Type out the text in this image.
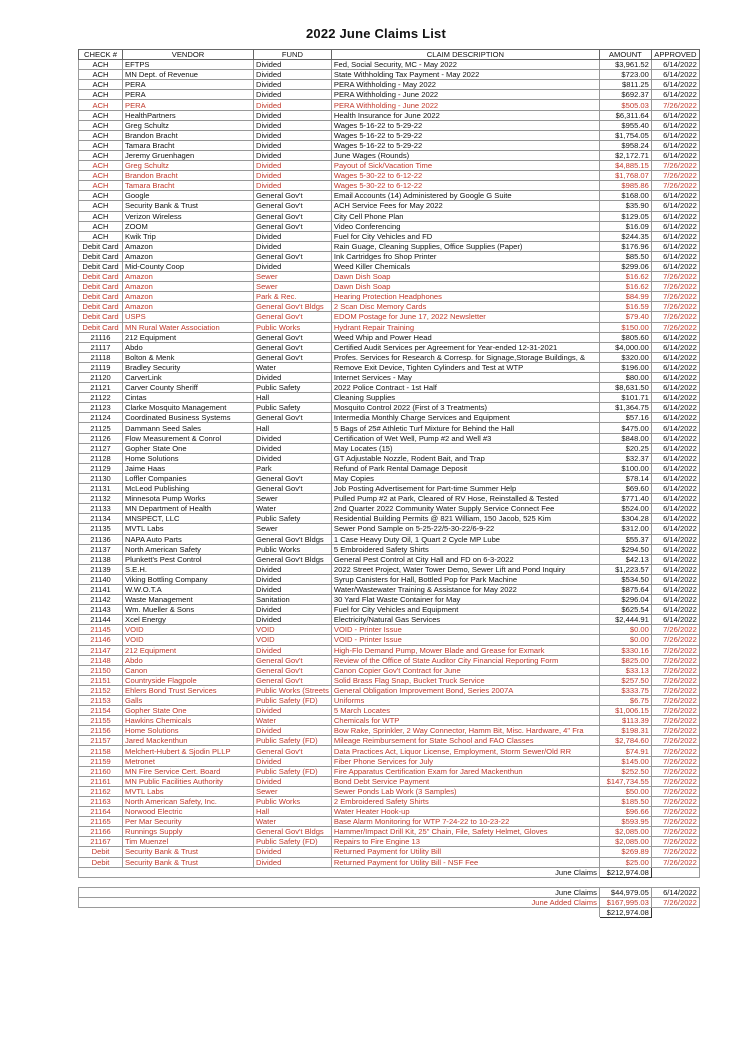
2022 June Claims List
CHECK #	VENDOR	FUND	CLAIM DESCRIPTION	AMOUNT	APPROVED
ACH	EFTPS	Divided	Fed, Social Security, MC - May 2022	$3,961.52	6/14/2022
ACH	MN Dept. of Revenue	Divided	State Withholding Tax Payment - May 2022	$723.00	6/14/2022
ACH	PERA	Divided	PERA Withholding - May 2022	$811.25	6/14/2022
ACH	PERA	Divided	PERA Withholding - June 2022	$692.37	6/14/2022
ACH	PERA	Divided	PERA Withholding - June 2022	$505.03	7/26/2022
ACH	HealthPartners	Divided	Health Insurance for June 2022	$6,311.64	6/14/2022
ACH	Greg Schultz	Divided	Wages 5-16-22 to 5-29-22	$955.40	6/14/2022
ACH	Brandon Bracht	Divided	Wages 5-16-22 to 5-29-22	$1,754.05	6/14/2022
ACH	Tamara Bracht	Divided	Wages 5-16-22 to 5-29-22	$958.24	6/14/2022
ACH	Jeremy Gruenhagen	Divided	June Wages (Rounds)	$2,172.71	6/14/2022
ACH	Greg Schultz	Divided	Payout of Sick/Vacation Time	$4,885.15	7/26/2022
ACH	Brandon Bracht	Divided	Wages 5-30-22 to 6-12-22	$1,768.07	7/26/2022
ACH	Tamara Bracht	Divided	Wages 5-30-22 to 6-12-22	$985.86	7/26/2022
ACH	Google	General Gov't	Email Accounts (14) Administered by Google G Suite	$168.00	6/14/2022
ACH	Security Bank & Trust	General Gov't	ACH Service Fees for May 2022	$35.90	6/14/2022
ACH	Verizon Wireless	General Gov't	City Cell Phone Plan	$129.05	6/14/2022
ACH	ZOOM	General Gov't	Video Conferencing	$16.09	6/14/2022
ACH	Kwik Trip	Divided	Fuel for City Vehicles and FD	$244.35	6/14/2022
Debit Card	Amazon	Divided	Rain Guage, Cleaning Supplies, Office Supplies (Paper)	$176.96	6/14/2022
Debit Card	Amazon	General Gov't	Ink Cartridges fro Shop Printer	$85.50	6/14/2022
Debit Card	Mid-County Coop	Divided	Weed Killer Chemicals	$299.06	6/14/2022
Debit Card	Amazon	Sewer	Dawn Dish Soap	$16.62	7/26/2022
Debit Card	Amazon	Sewer	Dawn Dish Soap	$16.62	7/26/2022
Debit Card	Amazon	Park & Rec.	Hearing Protection Headphones	$84.99	7/26/2022
Debit Card	Amazon	General Gov't Bldgs	2 Scan Disc Memory Cards	$16.59	7/26/2022
Debit Card	USPS	General Gov't	EDOM Postage for June 17, 2022 Newsletter	$79.40	7/26/2022
Debit Card	MN Rural Water Association	Public Works	Hydrant Repair Training	$150.00	7/26/2022
21116	212 Equipment	General Gov't	Weed Whip and Power Head	$805.60	6/14/2022
21117	Abdo	General Gov't	Certified Audit Services per Agreement for Year-ended 12-31-2021	$4,000.00	6/14/2022
21118	Bolton & Menk	General Gov't	Profes. Services for Research & Corresp. for Signage,Storage Buildings, &	$320.00	6/14/2022
21119	Bradley Security	Water	Remove Exit Device, Tighten Cylinders and Test at WTP	$196.00	6/14/2022
21120	CarverLink	Divided	Internet Services - May	$80.00	6/14/2022
21121	Carver County Sheriff	Public Safety	2022 Police Contract - 1st Half	$8,631.50	6/14/2022
21122	Cintas	Hall	Cleaning Supplies	$101.71	6/14/2022
21123	Clarke Mosquito Management	Public Safety	Mosquito Control 2022 (First of 3 Treatments)	$1,364.75	6/14/2022
21124	Coordinated Business Systems	General Gov't	Intermedia Monthly Charge Services and Equipment	$57.16	6/14/2022
21125	Dammann Seed Sales	Hall	5 Bags of 25# Athletic Turf Mixture for Behind the Hall	$475.00	6/14/2022
21126	Flow Measurement & Conrol	Divided	Certification of Wet Well, Pump #2 and Well #3	$848.00	6/14/2022
21127	Gopher State One	Divided	May Locates (15)	$20.25	6/14/2022
21128	Home Solutions	Divided	GT Adjustable Nozzle, Rodent Bait, and Trap	$32.37	6/14/2022
21129	Jaime Haas	Park	Refund of Park Rental Damage Deposit	$100.00	6/14/2022
21130	Loffler Companies	General Gov't	May Copies	$78.14	6/14/2022
21131	McLeod Publishing	General Gov't	Job Posting Advertisement for Part-time Summer Help	$69.60	6/14/2022
21132	Minnesota Pump Works	Sewer	Pulled Pump #2 at Park, Cleared of RV Hose, Reinstalled & Tested	$771.40	6/14/2022
21133	MN Department of Health	Water	2nd Quarter 2022 Community Water Supply Service Connect Fee	$524.00	6/14/2022
21134	MNSPECT, LLC	Public Safety	Residential Building Permits @ 821 William, 150 Jacob, 525 Kim	$304.28	6/14/2022
21135	MVTL Labs	Sewer	Sewer Pond Sample on 5-25-22/5-30-22/6-9-22	$312.00	6/14/2022
21136	NAPA Auto Parts	General Gov't Bldgs	1 Case Heavy Duty Oil, 1 Quart 2 Cycle MP Lube	$55.37	6/14/2022
21137	North American Safety	Public Works	5 Embroidered Safety Shirts	$294.50	6/14/2022
21138	Plunkett's Pest Control	General Gov't Bldgs	General Pest Control at City Hall and FD on 6-3-2022	$42.13	6/14/2022
21139	S.E.H.	Divided	2022 Street Project, Water Tower Demo, Sewer Lift and Pond Inquiry	$1,223.57	6/14/2022
21140	Viking Bottling Company	Divided	Syrup Canisters for Hall, Bottled Pop for Park Machine	$534.50	6/14/2022
21141	W.W.O.T.A	Divided	Water/Wastewater Training & Assistance for May 2022	$875.64	6/14/2022
21142	Waste Management	Sanitation	30 Yard Flat Waste Container for May	$296.04	6/14/2022
21143	Wm. Mueller & Sons	Divided	Fuel for City Vehicles and Equipment	$625.54	6/14/2022
21144	Xcel Energy	Divided	Electricity/Natural Gas Services	$2,444.91	6/14/2022
21145	VOID	VOID	VOID - Printer Issue	$0.00	7/26/2022
21146	VOID	VOID	VOID - Printer Issue	$0.00	7/26/2022
21147	212 Equipment	Divided	High-Flo Demand Pump, Mower Blade and Grease for Exmark	$330.16	7/26/2022
21148	Abdo	General Gov't	Review of the Office of State Auditor City Financial Reporting Form	$825.00	7/26/2022
21150	Canon	General Gov't	Canon Copier Gov't Contract for June	$33.13	7/26/2022
21151	Countryside Flagpole	General Gov't	Solid Brass Flag Snap, Bucket Truck Service	$257.50	7/26/2022
21152	Ehlers Bond Trust Services	Public Works (Streets	General Obligation Improvement Bond, Series 2007A	$333.75	7/26/2022
21153	Galls	Public Safety (FD)	Uniforms	$6.75	7/26/2022
21154	Gopher State One	Divided	5 March Locates	$1,006.15	7/26/2022
21155	Hawkins Chemicals	Water	Chemicals for WTP	$113.39	7/26/2022
21156	Home Solutions	Divided	Bow Rake, Sprinkler, 2 Way Connector, Hamm Bit, Misc. Hardware, 4" Fra	$198.31	7/26/2022
21157	Jared Mackenthun	Public Safety (FD)	Mileage Reimbursement for State School and FAO Classes	$2,784.60	7/26/2022
21158	Melchert-Hubert & Sjodin PLLP	General Gov't	Data Practices Act, Liquor License, Employment, Storm Sewer/Old RR	$74.91	7/26/2022
21159	Metronet	Divided	Fiber Phone Services for July	$145.00	7/26/2022
21160	MN Fire Service Cert. Board	Public Safety (FD)	Fire Apparatus Certification Exam for Jared Mackenthun	$252.50	7/26/2022
21161	MN Public Facilities Authority	Divided	Bond Debt Service Payment	$147,734.55	7/26/2022
21162	MVTL Labs	Sewer	Sewer Ponds Lab Work (3 Samples)	$50.00	7/26/2022
21163	North American Safety, Inc.	Public Works	2 Embroidered Safety Shirts	$185.50	7/26/2022
21164	Norwood Electric	Hall	Water Heater Hook-up	$96.66	7/26/2022
21165	Per Mar Security	Water	Base Alarm Monitoring for WTP 7-24-22 to 10-23-22	$593.95	7/26/2022
21166	Runnings Supply	General Gov't Bldgs	Hammer/Impact Drill Kit, 25" Chain, File, Safety Helmet, Gloves	$2,085.00	7/26/2022
21167	Tim Muenzel	Public Safety (FD)	Repairs to Fire Engine 13	$2,085.00	7/26/2022
Debit	Security Bank & Trust	Divided	Returned Payment for Utility Bill	$269.89	7/26/2022
Debit	Security Bank & Trust	Divided	Returned Payment for Utility Bill - NSF Fee	$25.00	7/26/2022
			June Claims	$212,974.08	

			June Claims	$44,979.05	6/14/2022
			June Added Claims	$167,995.03	7/26/2022
				$212,974.08	
